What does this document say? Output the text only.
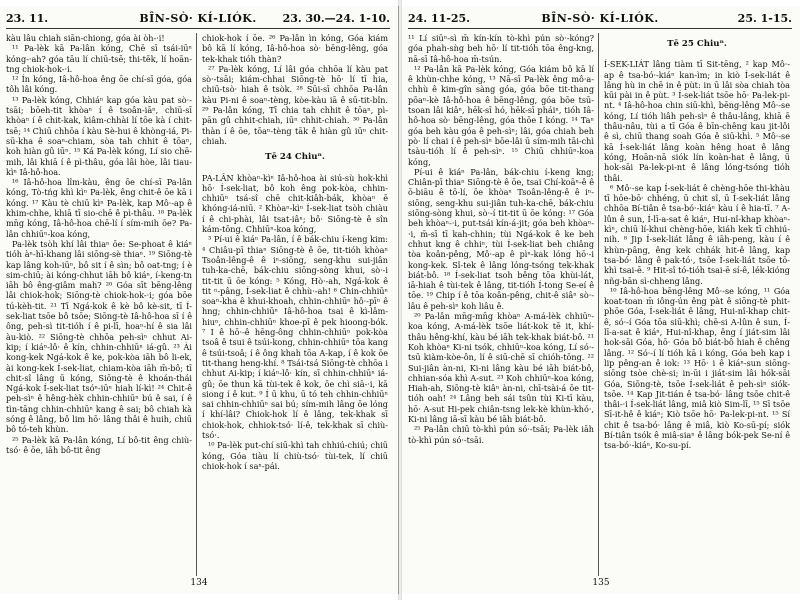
23. 11.	BÎN-SÒ· KÍ-LIÓK.	23. 30.—24. 1-10.

kàu lâu chiah siān-chiong, góa ài òh-·i!

¹¹ Pa-lèk kā Pa-lân kóng, Chē sī tsái-iūⁿ kóng-·ah? góa tāu lí chiū-tsē; thi-tēk, lí hoān-tng chiok-hok-·i.

¹² Ín kóng, Iâ-hô-hoa êng ōe chí-sī góa, góa tôh lâi kóng.

¹³ Pa-lèk kóng, Chhiáⁿ kap góa kàu pat sò·-tsāi; bōeh-tit khòaⁿ í ê tsoân-iāⁿ, chiū-sī khòaⁿ í ê chit-kak, kiâm-chhài lí tōe kà í chit-tsē; ¹⁴ Chiū chhōa í kàu Sè-hui ê khòng-iá, Pi-sū-kha ê soaⁿ-chiam, sòa tah chhit ê tōaⁿ, koh hiàn gû iūⁿ. ¹⁵ Ká Pa-lèk kóng, Lí sio chē-mih, lâi khiā í ê pì-thâu, góa lâi hòe, lâi tiau-kìⁿ Iâ-hô-hoa.

¹⁶ Iâ-hô-hoa lîm-kàu, êng ōe chí-sī Pa-lân kóng, Tò-tńg khì kìⁿ Pa-lèk, êng chit-ê ōe kā i kóng. ¹⁷ Kàu tè chiū kìⁿ Pa-lèk, kap Mô·-ap ê khim-chhe, khiā tī sio-chē ê pì-thâu. ¹⁸ Pa-lèk mn̄g kóng, Iâ-hô-hoa chē-lí í sím-mih ōe? Pa-lân chhiūⁿ-koa kóng,

Pa-lèk tsòh khí lâi thiaⁿ ōe: Se-phoat ê kiáⁿ tióh àⁿ-hī-khang lâi siōng-sè thiaⁿ. ¹⁹ Siōng-tè kap lâng koh-iūⁿ, bô sit í ê sìn; bô oat-tng; í è sim-chiū; ài kóng-chhut iāh bô kiáⁿ, í-keng-tn iāh bô êng-giâm mah? ²⁰ Góa sīt bēng-lêng lâi chiok-hok; Siōng-tè chiok-hok-·i; góa bōe tú-kèh-tit. ²¹ Tī Ngá-kok ê kè bô kè-sit, tī Í-sek-liat tsōe bô tsōe; Siōng-tè Iâ-hô-hoa sī í ê ông, peh-sì tit-tióh í ê pi-lī, hoaⁿ-hí ê sia lâi àu-kiò. ²² Siōng-tè chhōa peh-sìⁿ chhut Ai-kip; í kiáⁿ-lô· ê kín, chhin-chhiūⁿ iá-gû. ²³ Ài kong-kek Ngá-kok ê ke, pok-kòa iāh bô li-ek, ài kong-kek Í-sek-liat, chiam-kòa iāh m̄-bô; tī chit-sî lâng ū kóng, Siōng-tè ê khoán-thái Ngá-kok Í-sek-liat tsóⁿ-iūⁿ hiah lí-kì! ²⁴ Chit-ê peh-sìⁿ ê hêng-hèk chhin-chhiūⁿ bú ê sai, í ê tìn-tāng chhin-chhiūⁿ kang ê sai; bô chiah kà sóng ê lâng, bô lim hō· lâng thâi ê huih, chiū bô tó-teh khùn.

²⁵ Pa-lèk kā Pa-lân kóng, Lí bô-tit êng chiù-tsó· ê ōe, iāh bô-tit êng

chiok-hok í ōe. ²⁶ Pa-lân ìn kóng, Góa kiám bô kā lí kóng, Iâ-hô-hoa sò· bēng-lêng, góa tek-khak tióh thàn?

²⁷ Pa-lèk kóng, Lí lâi góa chhōa lí kàu pat sò·-tsāi; kiám-chhai Siōng-tè hō· lí tī hia, chiū-tsò· hiah ê tsòk. ²⁸ Sūi-sī chhōa Pa-lân kàu Pi-ni ê soaⁿ-tèng, kòe-kàu iā ê sū-tit-bîn. ²⁹ Pa-lân kóng, Tī chia tah chhit ê tōaⁿ, pì-pān gû chhit-chiah, iūⁿ chhit-chiah. ³⁰ Pa-lân thàn í ê ōe, tōaⁿ-tèng tāk ê hiàn gû iūⁿ chit-chiah.

Tē 24 Chiuⁿ.

PA-LÂN khòaⁿ-kìⁿ Iâ-hô-hoa ài siú-sù hok-khì hō· Í-sek-liat, bô koh êng pok-kòa, chhin-chhiūⁿ tsá-sî chē chit-kiâh-bák, khòaⁿ ē khóng-iá-niū. ² Khòaⁿ-kìⁿ Í-sek-liat tsòh chiàu í ê chi-phài, lâi tsat-iâⁿ; bô· Siōng-tè ê sîn kám-tōng. Chhiūⁿ-koa kóng,

³ Pí-ui ê kiáⁿ Pa-lân, í ê bák-chiu í-keng kim: ⁴ Chiâu-pī thiaⁿ Siōng-tè ê ōe, tit-tióh khòaⁿ Tsoân-lêng-ê ê iⁿ-siōng, seng-khu sui-jiân tuh-ka-chē, bák-chiu siōng-sòng khui, sò·-i tit-tit ū ōe kóng: ⁵ Kóng, Hò·-ah, Ngá-kok ê tit ⁿ-pâng, Í-sek-liat ê chhù·-ah! ⁶ Chin-chhiūⁿ soaⁿ-kha ê khui-khoah, chhin-chhiūⁿ hô·-pīⁿ ê hng; chhin-chhiūⁿ Iâ-hô-hoa tsai ê kì-lâm-hiuⁿ, chhin-chhiūⁿ khoe-pī ê pek hioong-bók. ⁷ I ê hō·-ê hēng-ông chhin-chhiūⁿ pok-kòa tsoâ ê tsui ê tsúi-kong, chhin-chhiūⁿ tōa kang ê tsúi-tsoâ; í ê ông khah tōa A-kap, í ê kok ōe tit-thang heng-khí. ⁸ Tsái-tsá Siōng-tè chhōa i chhut Ai-kip; í kiáⁿ-lô· kín, sī chhin-chhiūⁿ iá-gû; ōe thun kā tùi-tek ê kok, ōe chì siā-·i, kā siong í ê kut. ⁹ Í ū khu, ū tó teh chhin-chhiūⁿ sai chhin-chhiūⁿ sai bú; sím-mih lâng ōe lóng í khí-lâi? Chiok-hok lí ê lâng, tek-khak sī chiok-hok, chhiok-tsó· lí-ê, tek-khak sī chiù-tsó·.

¹⁰ Pa-lèk put-chí siū-khì tah chhiú-chiú; chiū kóng, Góa tiàu lí chiù-tsó· tùi-tek, lí chiū chiok-hok í saⁿ-pái.

134
24. 11-25.	BÎN-SÒ· KÍ-LIÓK.	25. 1-15.

¹¹ Lí siūⁿ-sì m̄ kín-kín tò-khì pún sò·-kóng? góa phah-sǹg beh hō· lí tit-tióh tōa êng-kng, nā-sī Iâ-hô-hoa m̄-tsún.

¹² Pa-lân kā Pa-lèk kóng, Góa kiám bô kā lí ê khùn-chhe kóng, ¹³ Nā-sī Pa-lèk êng mô·a-chhù ê kim-gîn sàng góa, góa bōe tit-thang pōaⁿ-kè Iâ-hô-hoa ê bēng-lêng, góa bōe tsū-tsoan lâi kiâⁿ, hēk-sī hó, hēk-sī pháiⁿ, tióh Iâ-hô-hoa sò· bēng-lêng, góa thōe I kóng. ¹⁴ Taⁿ góa beh kàu góa ê peh-sìⁿ; lâi, góa chiah beh pò· lí chai í ê peh-sìⁿ bōe-lâi ū sím-mih tāi-chì tsàu-tióh lí ê peh-sìⁿ. ¹⁵ Chiū chhiūⁿ-koa kóng,

Pí-ui ê kiáⁿ Pa-lân, bák-chiu í-keng kng; Chiân-pī thiaⁿ Siōng-tè ê ōe, tsai Chí-koāⁿ-ê ê ō-biāu ê tō-lí, ōe khòaⁿ Tsoân-lêng-ê ê iⁿ-siōng, seng-khu sui-jiân tuh-ka-chē, bák-chiu siōng-sòng khui, sò·-í tit-tit ū ōe kóng: ¹⁷ Góa beh khòaⁿ-·i, put-tsái kín-á-jit; góa beh khòaⁿ-·i, m̄-sī tī kah-chhin; tùi Ngá-kok ê ke beh chhut kng ê chhiⁿ, tùi Í-sek-liat beh chiâng tòa koân-pêng, Mô·-ap ê pìⁿ-kak lóng hō·-i kong-kek. Sî-tek ê lâng lóng-tsóng tek-khak biát-bô. ¹⁸ Í-sek-liat tsoh bêng tōa khùi-lát, iā-hiah ê tùi-tek ê lâng, tit-tióh Í-tong Se-eí ê tōe. ¹⁹ Chip í ê tōa koân-pêng, chit-ê siâⁿ sò·-lâu ê peh-sìⁿ koh liâu ê.

²⁰ Pa-lân mn̄g-mn̄g khòaⁿ A-má-lèk chhiūⁿ-koa kóng, A-má-lèk tsōe liát-kok tē it, khí-thâu hêng-khí, kàu bé iāh tek-khak biát-bô. ²¹ Koh khòaⁿ Ki-ni tsók, chhiūⁿ-koa kóng, Lí só·-tsū kiàm-kòe-ôn, lí ê siū-chē sī chióh-tōng. ²² Sui-jiân àn-ni, Ki-ni lâng kàu bé iāh biát-bô, chhian-sóa khì A-sut. ²³ Koh chhiūⁿ-koa kóng, Hiah-ah, Siōng-tè kiâⁿ àn-ni, chī-tsài-á ōe tit-tióh oah! ²⁴ Lâng beh sái tsûn tùi Ki-tī kàu, hō· A-sut Hi-pek chiân-tsng lek-kè khùn-khó·, Ki-ni lâng iā-sī kàu bé iāh biát-bô.

²⁵ Pa-lân chiū tò-khì pún só·-tsāi; Pa-lèk iāh tò-khì pún só·-tsāi.

Tē 25 Chiuⁿ.

Í-SEK-LIÁT lâng tiàm tī Sit-tēng, ² kap Mô·-ap ê tsa-bó·-kiáⁿ kan-ìm; in kiò Í-sek-liát ê lâng hù in chē in ê pùt: in ū lâi sòa chiah tòa kūi pài in ê pùt. ³ Í-sek-liát tsōe hō· Pa-lek-pi-nt. ⁴ Iâ-hô-hoa chin siū-khì, bēng-lêng Mô·-se kóng, Lí tióh liâh peh-sìⁿ ê thâu-lâng, khiā ē thâu-nâu, tùi a tī Góa ê bīn-chêng kau jit-lôi ê sì, chiū thang soah Góa ê siū-khì. ⁵ Mô·-se kā Í-sek-liát lâng koàn hêng hoat ê lâng kóng, Hoān-nā siók lín koàn-hat ê lâng, ū hok-sāi Pa-lek-pi-nt ê lâng lóng-tsóng tióh thâi.

⁶ Mô·-se kap Í-sek-liát ê chèng-hōe thi-khàu tī hōe-bō· chhéng, ū chit sî, ū Í-sek-liát lâng chhōa Bí-tiân ê tsa-bó·-kiáⁿ kàu í ê hia-tī. ⁷ A-lûn ê sun, Í-lī-a-sat ê kiáⁿ, Hui-nî-khap khòaⁿ-kìⁿ, chiū lí-khui chèng-hōe, kiáh kek tī chhiú-nih. ⁸ Jip Í-sek-liát lâng ê iāh-peng, kàu í ê khùn-pâng, êng kek chhák hit-ê lâng, kap tsa-bó· lâng ê pak-tó·, tsōe Í-sek-liát tsōe tō-khì tsai-ē. ⁹ Hit-sî tó-tióh tsai-ē sí-ê, lék-kióng nñg-bān sì-chheng lâng.

¹⁰ Iâ-hô-hoa bēng-lêng Mô·-se kóng, ¹¹ Góa koat-toan m̄ iông-ún êng pàt ê siōng-tè phit-phōe Góa, Í-sek-liát ê lâng, Hui-nî-khap chit-ê, só·-í Góa tōa siū-khì; chē-si A-lûn ê sun, Í-lī-a-sat ê kiáⁿ, Hui-nî-khap, êng í jiát-sim lâi hok-sāi Góa, hō· Góa bô biát-bô hiah ê chêng lâng. ¹² Só·-í lí tióh kā i kóng, Góa beh kap i lip pêng-an ê iok: ¹³ Hō· i ê kiáⁿ-sun siōng-siōng tsòe chè-si; in-ūi i jiát-sim lâi hók-sāi Góa, Siōng-tè, tsōe Í-sek-liát ê peh-sìⁿ siók-tsōe. ¹⁴ Kap Jit-tián ê tsa-bó· lâng tsōe chit-ê thâi-·i Í-sek-liát lâng, miâ kiò Sim-lī, ¹⁵ Sī tsōe Sī-it-hê ê kiáⁿ; Kiò tsōe hō· Pa-lek-pi-nt. ¹⁵ Sí chit ê tsa-bó· lâng ê miâ, kiò Ko-sū-pí; siók Bí-tiân tsók ê miâ-siaⁿ ê lâng bók-pek Se-ní ê tsa-bó·-kiáⁿ, Ko-su-pí.

135
